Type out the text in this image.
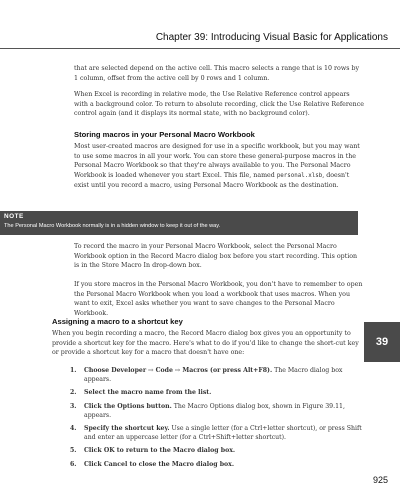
Chapter 39: Introducing Visual Basic for Applications

that are selected depend on the active cell. This macro selects a range that is 10 rows by 1 column, offset from the active cell by 0 rows and 1 column.

When Excel is recording in relative mode, the Use Relative Reference control appears with a background color. To return to absolute recording, click the Use Relative Reference control again (and it displays its normal state, with no background color).

Storing macros in your Personal Macro Workbook

Most user-created macros are designed for use in a specific workbook, but you may want to use some macros in all your work. You can store these general-purpose macros in the Personal Macro Workbook so that they're always available to you. The Personal Macro Workbook is loaded whenever you start Excel. This file, named personal.xlsb, doesn't exist until you record a macro, using Personal Macro Workbook as the destination.

NOTE
The Personal Macro Workbook normally is in a hidden window to keep it out of the way.

To record the macro in your Personal Macro Workbook, select the Personal Macro Workbook option in the Record Macro dialog box before you start recording. This option is in the Store Macro In drop-down box.

If you store macros in the Personal Macro Workbook, you don't have to remember to open the Personal Macro Workbook when you load a workbook that uses macros. When you want to exit, Excel asks whether you want to save changes to the Personal Macro Workbook.

Assigning a macro to a shortcut key

When you begin recording a macro, the Record Macro dialog box gives you an opportunity to provide a shortcut key for the macro. Here's what to do if you'd like to change the short-cut key or provide a shortcut key for a macro that doesn't have one:

1.	Choose Developer ⇨ Code ⇨ Macros (or press Alt+F8). The Macro dialog box appears.
2.	Select the macro name from the list.
3.	Click the Options button. The Macro Options dialog box, shown in Figure 39.11, appears.
4.	Specify the shortcut key. Use a single letter (for a Ctrl+letter shortcut), or press Shift and enter an uppercase letter (for a Ctrl+Shift+letter shortcut).
5.	Click OK to return to the Macro dialog box.
6.	Click Cancel to close the Macro dialog box.
39
925
